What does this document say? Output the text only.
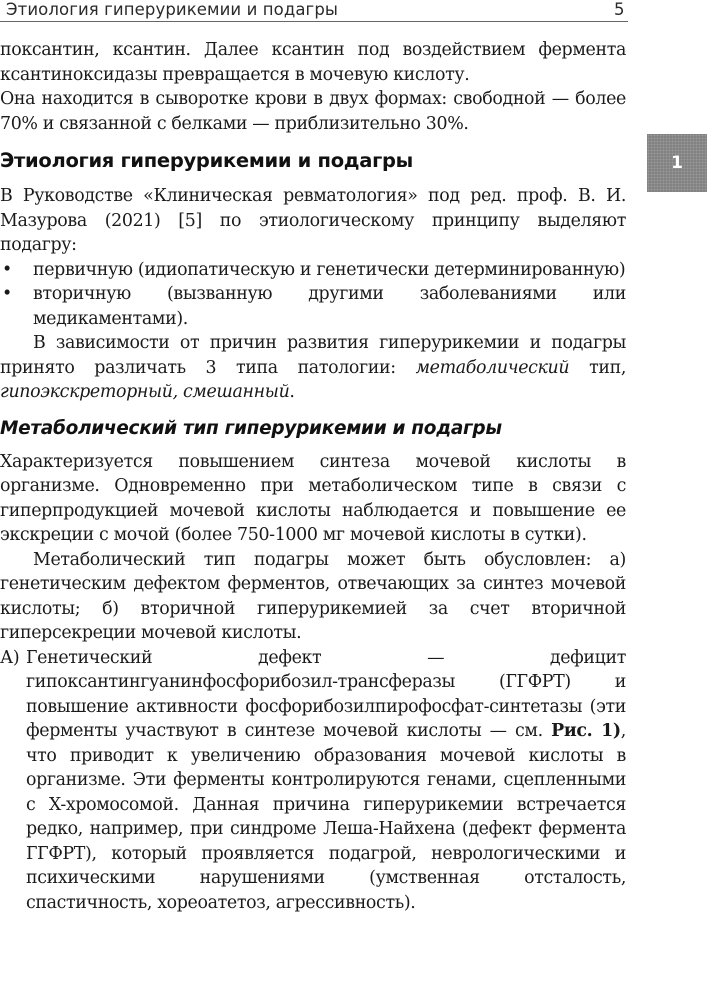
Этиология гиперурикемии и подагры	5
1

поксантин, ксантин. Далее ксантин под воздействием фермента ксантиноксидазы превращается в мочевую кислоту.

Она находится в сыворотке крови в двух формах: свободной — более 70% и связанной с белками — приблизительно 30%.

Этиология гиперурикемии и подагры

В Руководстве «Клиническая ревматология» под ред. проф. В. И. Мазурова (2021) [5] по этиологическому принципу выделяют подагру:

• первичную (идиопатическую и генетически детерминированную)
• вторичную (вызванную другими заболеваниями или медикаментами).

В зависимости от причин развития гиперурикемии и подагры принято различать 3 типа патологии: метаболический тип, гипоэкскреторный, смешанный.

Метаболический тип гиперурикемии и подагры

Характеризуется повышением синтеза мочевой кислоты в организме. Одновременно при метаболическом типе в связи с гиперпродукцией мочевой кислоты наблюдается и повышение ее экскреции с мочой (более 750-1000 мг мочевой кислоты в сутки).

Метаболический тип подагры может быть обусловлен: а) генетическим дефектом ферментов, отвечающих за синтез мочевой кислоты; б) вторичной гиперурикемией за счет вторичной гиперсекреции мочевой кислоты.

А) Генетический дефект — дефицит гипоксантингуанинфосфорибозил-трансферазы (ГГФРТ) и повышение активности фосфорибозилпирофосфат-синтетазы (эти ферменты участвуют в синтезе мочевой кислоты — см. Рис. 1), что приводит к увеличению образования мочевой кислоты в организме. Эти ферменты контролируются генами, сцепленными с X-хромосомой. Данная причина гиперурикемии встречается редко, например, при синдроме Леша-Найхена (дефект фермента ГГФРТ), который проявляется подагрой, неврологическими и психическими нарушениями (умственная отсталость, спастичность, хореоатетоз, агрессивность).
